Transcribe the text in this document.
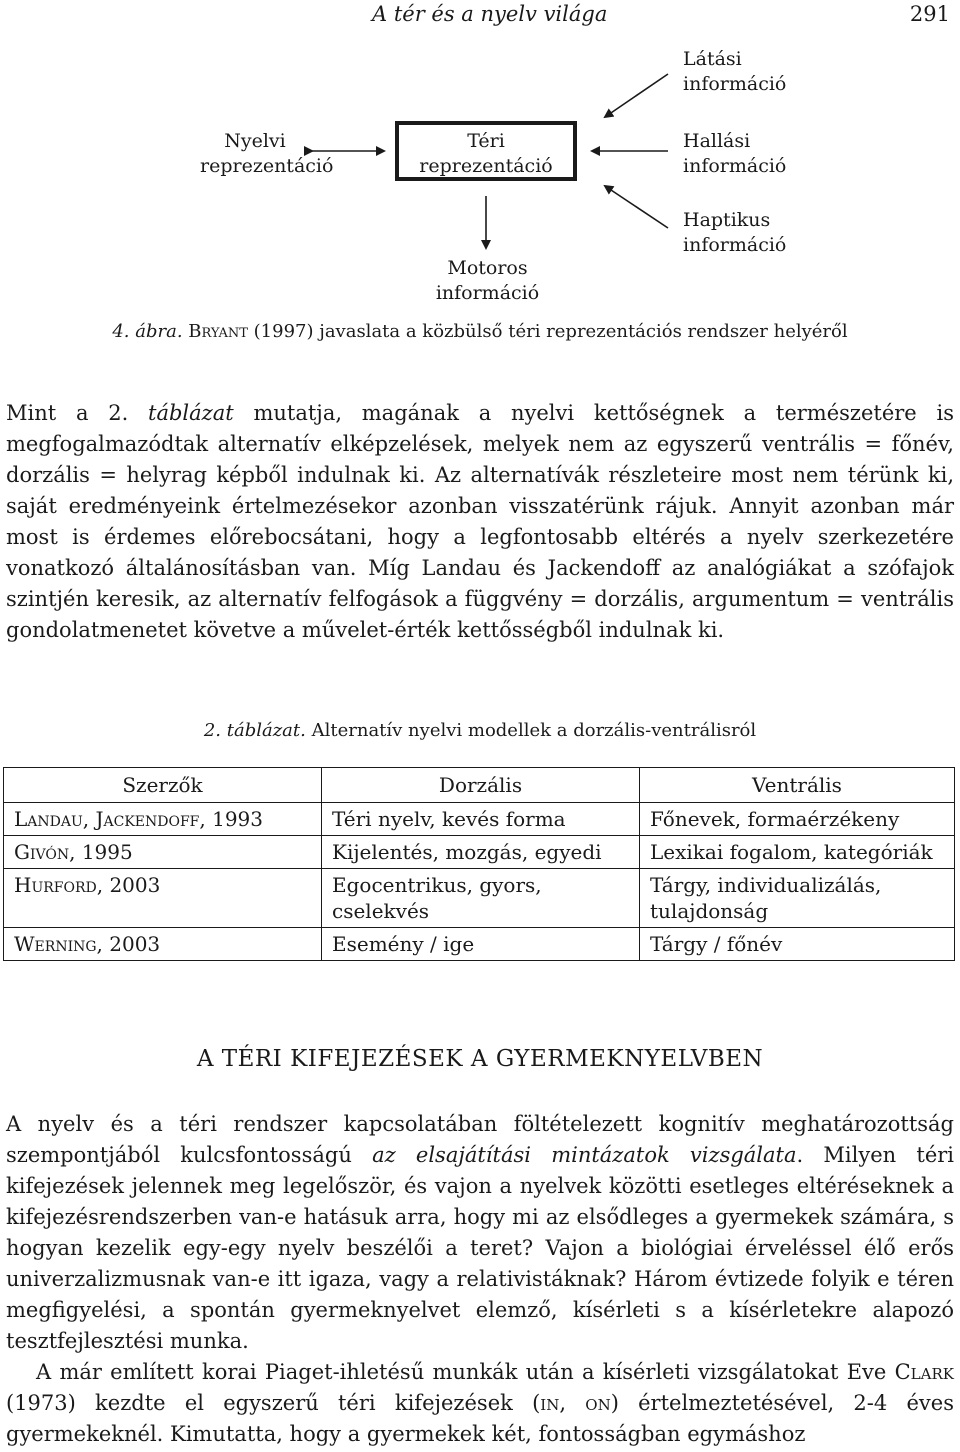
A tér és a nyelv világa	291
Téri
reprezentáció
Nyelvi
reprezentáció
Látási
információ
Hallási
információ
Haptikus
információ
Motoros
információ
4. ábra. Bryant (1997) javaslata a közbülső téri reprezentációs rendszer helyéről

Mint a 2. táblázat mutatja, magának a nyelvi kettőségnek a természetére is megfogalmazódtak alternatív elképzelések, melyek nem az egyszerű ventrális = főnév, dorzális = helyrag képből indulnak ki. Az alternatívák részleteire most nem térünk ki, saját eredményeink értelmezésekor azonban visszatérünk rájuk. Annyit azonban már most is érdemes előrebocsátani, hogy a legfontosabb eltérés a nyelv szerkezetére vonatkozó általánosításban van. Míg Landau és Jackendoff az analógiákat a szófajok szintjén keresik, az alternatív felfogások a függvény = dorzális, argumentum = ventrális gondolatmenetet követve a művelet-érték kettősségből indulnak ki.

2. táblázat. Alternatív nyelvi modellek a dorzális-ventrálisról
Szerzők	Dorzális	Ventrális
Landau, Jackendoff, 1993	Téri nyelv, kevés forma	Főnevek, formaérzékeny
Givón, 1995	Kijelentés, mozgás, egyedi	Lexikai fogalom, kategóriák
Hurford, 2003	Egocentrikus, gyors, cselekvés	Tárgy, individualizálás, tulajdonság
Werning, 2003	Esemény / ige	Tárgy / főnév
A TÉRI KIFEJEZÉSEK A GYERMEKNYELVBEN

A nyelv és a téri rendszer kapcsolatában föltételezett kognitív meghatározottság szempontjából kulcsfontosságú az elsajátítási mintázatok vizsgálata. Milyen téri kifejezések jelennek meg legelőször, és vajon a nyelvek közötti esetleges eltéréseknek a kifejezésrendszerben van-e hatásuk arra, hogy mi az elsődleges a gyermekek számára, s hogyan kezelik egy-egy nyelv beszélői a teret? Vajon a biológiai érveléssel élő erős univerzalizmusnak van-e itt igaza, vagy a relativistáknak? Három évtizede folyik e téren megfigyelési, a spontán gyermeknyelvet elemző, kísérleti s a kísérletekre alapozó tesztfejlesztési munka.

A már említett korai Piaget-ihletésű munkák után a kísérleti vizsgálatokat Eve Clark (1973) kezdte el egyszerű téri kifejezések (in, on) értelmeztetésével, 2-4 éves gyermekeknél. Kimutatta, hogy a gyermekek két, fontosságban egymáshoz
